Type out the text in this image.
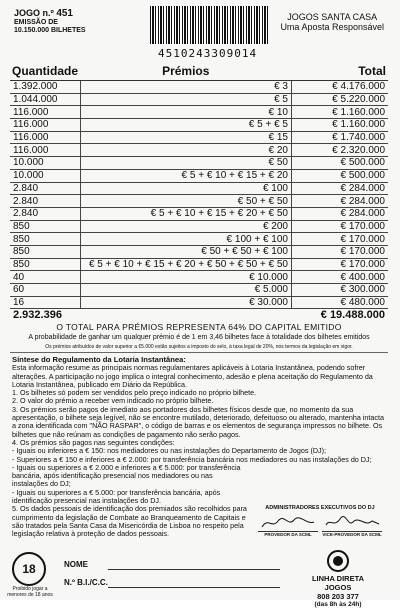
JOGO n.º 451
EMISSÃO DE
10.150.000 BILHETES
4510243309014
JOGOS SANTA CASA
Uma Aposta Responsável
Quantidade	Prémios	Total
1.392.000	€ 3	€ 4.176.000
1.044.000	€ 5	€ 5.220.000
116.000	€ 10	€ 1.160.000
116.000	€ 5 + € 5	€ 1.160.000
116.000	€ 15	€ 1.740.000
116.000	€ 20	€ 2.320.000
10.000	€ 50	€ 500.000
10.000	€ 5 + € 10 + € 15 + € 20	€ 500.000
2.840	€ 100	€ 284.000
2.840	€ 50 + € 50	€ 284.000
2.840	€ 5 + € 10 + € 15 + € 20 + € 50	€ 284.000
850	€ 200	€ 170.000
850	€ 100 + € 100	€ 170.000
850	€ 50 + € 50 + € 100	€ 170.000
850	€ 5 + € 10 + € 15 + € 20 + € 50 + € 50 + € 50	€ 170.000
40	€ 10.000	€ 400.000
60	€ 5.000	€ 300.000
16	€ 30.000	€ 480.000
2.932.396		€ 19.488.000
O TOTAL PARA PRÉMIOS REPRESENTA 64% DO CAPITAL EMITIDO
A probabilidade de ganhar um qualquer prémio é de 1 em 3,46 bilhetes face à totalidade dos bilhetes emitidos
Os prémios atribuídos de valor superior a €5.000 estão sujeitos a imposto do selo, à taxa legal de 20%, nos termos da legislação em vigor.
Síntese do Regulamento da Lotaria Instantânea:

Esta informação resume as principais normas regulamentares aplicáveis à Lotaria Instantânea, podendo sofrer alterações. A participação no jogo implica o integral conhecimento, adesão e plena aceitação do Regulamento da Lotaria Instantânea, publicado em Diário da República.

1. Os bilhetes só podem ser vendidos pelo preço indicado no próprio bilhete.

2. O valor do prémio a receber vem indicado no próprio bilhete.

3. Os prémios serão pagos de imediato aos portadores dos bilhetes físicos desde que, no momento da sua apresentação, o bilhete seja legível, não se encontre mutilado, deteriorado, defeituoso ou alterado, mantenha intacta a zona identificada com "NÃO RASPAR", o código de barras e os elementos de segurança impressos no bilhete. Os bilhetes que não reúnam as condições de pagamento não serão pagos.

4. Os prémios são pagos nas seguintes condições:

- Iguais ou inferiores a € 150: nos mediadores ou nas instalações do Departamento de Jogos (DJ);

- Superiores a € 150 e inferiores a € 2.000: por transferência bancária nos mediadores ou nas instalações do DJ;

- Iguais ou superiores a € 2.000 e inferiores a € 5.000: por transferência bancária, após identificação presencial nos mediadores ou nas instalações do DJ;

- Iguais ou superiores a € 5.000: por transferência bancária, após identificação presencial nas instalações do DJ.

5. Os dados pessoais de identificação dos premiados são recolhidos para cumprimento da legislação de Combate ao Branqueamento de Capitais e são tratados pela Santa Casa da Misericórdia de Lisboa no respeito pela legislação relativa à proteção de dados pessoais.

ADMINISTRADORES EXECUTIVOS DO DJ
PROVEDOR DA SCML	VICE-PROVEDOR DA SCML
18
Proibido jogar a menores de 18 anos
NOME
N.º B.I./C.C.	LINHA DIRETA JOGOS
808 203 377
(das 8h às 24h)
